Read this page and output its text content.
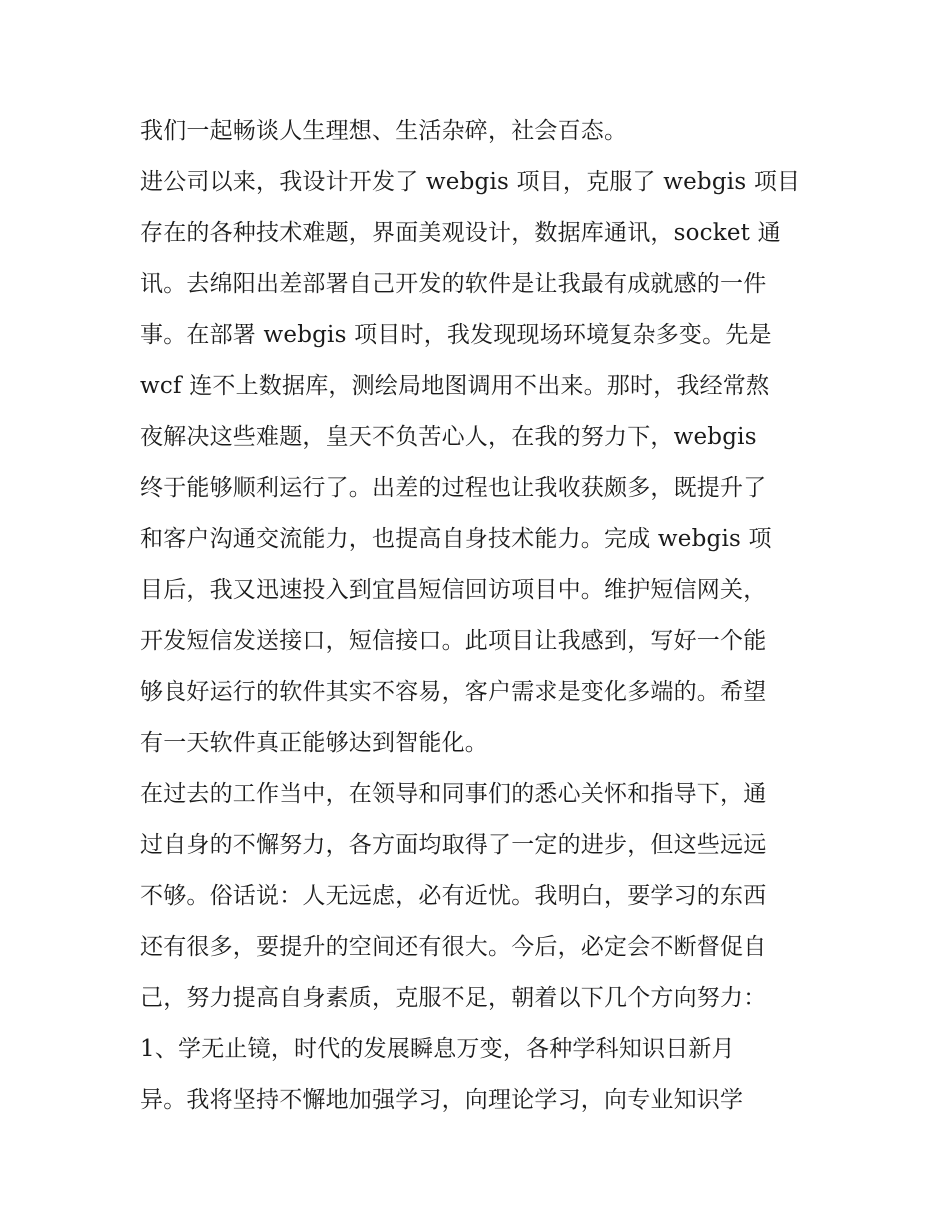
我们一起畅谈人生理想、生活杂碎，社会百态。
进公司以来，我设计开发了 webgis 项目，克服了 webgis 项目
存在的各种技术难题，界面美观设计，数据库通讯，socket 通
讯。去绵阳出差部署自己开发的软件是让我最有成就感的一件
事。在部署 webgis 项目时，我发现现场环境复杂多变。先是
wcf 连不上数据库，测绘局地图调用不出来。那时，我经常熬
夜解决这些难题，皇天不负苦心人，在我的努力下，webgis
终于能够顺利运行了。出差的过程也让我收获颇多，既提升了
和客户沟通交流能力，也提高自身技术能力。完成 webgis 项
目后，我又迅速投入到宜昌短信回访项目中。维护短信网关，
开发短信发送接口，短信接口。此项目让我感到，写好一个能
够良好运行的软件其实不容易，客户需求是变化多端的。希望
有一天软件真正能够达到智能化。
在过去的工作当中，在领导和同事们的悉心关怀和指导下，通
过自身的不懈努力，各方面均取得了一定的进步，但这些远远
不够。俗话说：人无远虑，必有近忧。我明白，要学习的东西
还有很多，要提升的空间还有很大。今后，必定会不断督促自
己，努力提高自身素质，克服不足，朝着以下几个方向努力：
1、学无止镜，时代的发展瞬息万变，各种学科知识日新月
异。我将坚持不懈地加强学习，向理论学习，向专业知识学
